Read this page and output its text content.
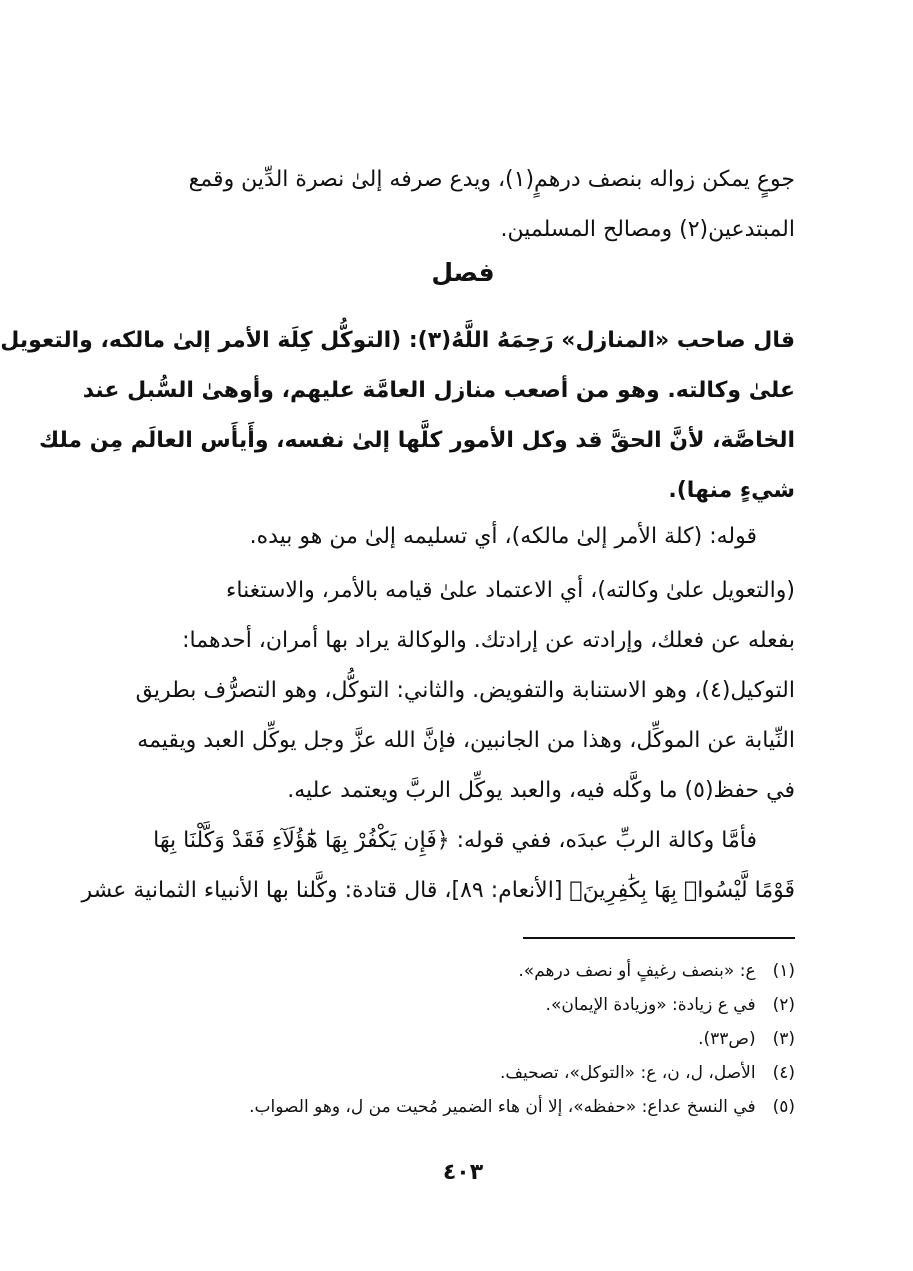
جوعٍ يمكن زواله بنصف درهمٍ(١)، ويدع صرفه إلىٰ نصرة الدِّين وقمع
المبتدعين(٢) ومصالح المسلمين.
فصل
قال صاحب «المنازل» رَحِمَهُ اللَّهُ(٣): (التوكُّل كِلَة الأمر إلىٰ مالكه، والتعويل
علىٰ وكالته. وهو من أصعب منازل العامَّة عليهم، وأوهىٰ السُّبل عند
الخاصَّة، لأنَّ الحقَّ قد وكل الأمور كلَّها إلىٰ نفسه، وأَيأَس العالَم مِن ملك
شيءٍ منها).
قوله: (كلة الأمر إلىٰ مالكه)، أي تسليمه إلىٰ من هو بيده.
(والتعويل علىٰ وكالته)، أي الاعتماد علىٰ قيامه بالأمر، والاستغناء
بفعله عن فعلك، وإرادته عن إرادتك. والوكالة يراد بها أمران، أحدهما:
التوكيل(٤)، وهو الاستنابة والتفويض. والثاني: التوكُّل، وهو التصرُّف بطريق
النِّيابة عن الموكِّل، وهذا من الجانبين، فإنَّ الله عزَّ وجل يوكِّل العبد ويقيمه
في حفظ(٥) ما وكَّله فيه، والعبد يوكِّل الربَّ ويعتمد عليه.
فأمَّا وكالة الربِّ عبدَه، ففي قوله: ﴿فَإِن يَكْفُرْ بِهَا هَٰٓؤُلَآءِ فَقَدْ وَكَّلْنَا بِهَا
قَوْمًا لَّيْسُوا۟ بِهَا بِكَٰفِرِينَ﴾ [الأنعام: ٨٩]، قال قتادة: وكَّلنا بها الأنبياء الثمانية عشر
(١) ع: «بنصف رغيفٍ أو نصف درهم».
(٢) في ع زيادة: «وزيادة الإيمان».
(٣) (ص٣٣).
(٤) الأصل، ل، ن، ع: «التوكل»، تصحيف.
(٥) في النسخ عداع: «حفظه»، إلا أن هاء الضمير مُحيت من ل، وهو الصواب.
٤٠٣
